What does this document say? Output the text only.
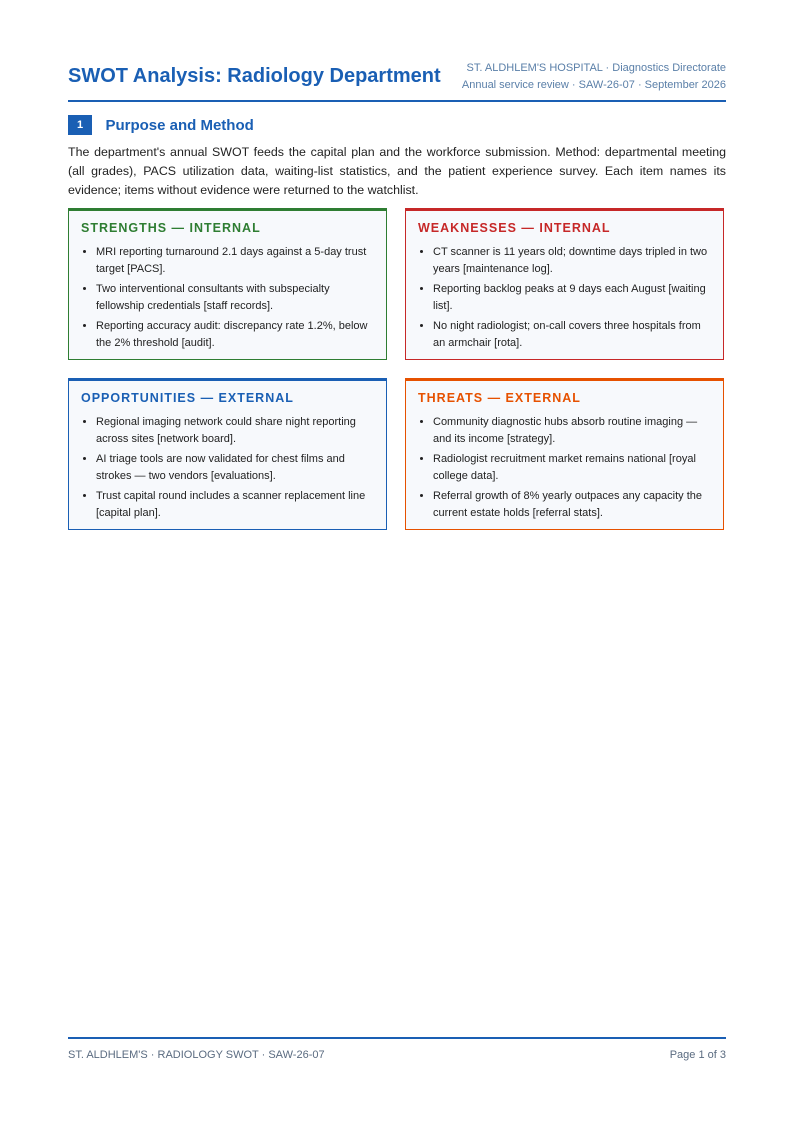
SWOT Analysis: Radiology Department	ST. ALDHLEM'S HOSPITAL · Diagnostics Directorate
Annual service review · SAW-26-07 · September 2026
1 Purpose and Method
The department's annual SWOT feeds the capital plan and the workforce submission. Method: departmental meeting (all grades), PACS utilization data, waiting-list statistics, and the patient experience survey. Each item names its evidence; items without evidence were returned to the watchlist.
STRENGTHS — INTERNAL
• MRI reporting turnaround 2.1 days against a 5-day trust target [PACS].
• Two interventional consultants with subspecialty fellowship credentials [staff records].
• Reporting accuracy audit: discrepancy rate 1.2%, below the 2% threshold [audit].
WEAKNESSES — INTERNAL
• CT scanner is 11 years old; downtime days tripled in two years [maintenance log].
• Reporting backlog peaks at 9 days each August [waiting list].
• No night radiologist; on-call covers three hospitals from an armchair [rota].
OPPORTUNITIES — EXTERNAL
• Regional imaging network could share night reporting across sites [network board].
• AI triage tools are now validated for chest films and strokes — two vendors [evaluations].
• Trust capital round includes a scanner replacement line [capital plan].
THREATS — EXTERNAL
• Community diagnostic hubs absorb routine imaging — and its income [strategy].
• Radiologist recruitment market remains national [royal college data].
• Referral growth of 8% yearly outpaces any capacity the current estate holds [referral stats].
ST. ALDHLEM'S · RADIOLOGY SWOT · SAW-26-07	Page 1 of 3
